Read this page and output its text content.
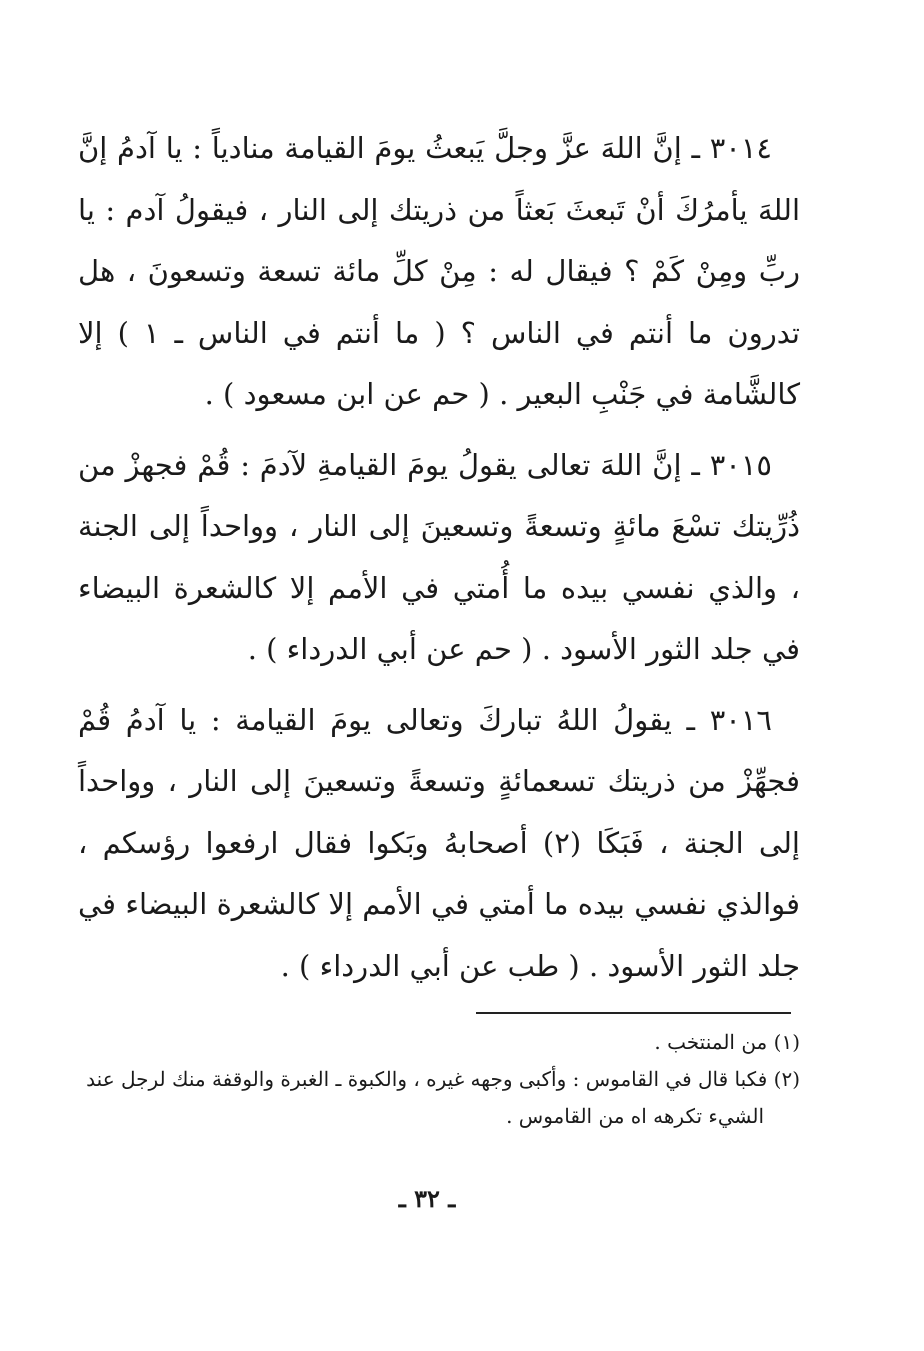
٣٠١٤ ـ إنَّ اللهَ عزَّ وجلَّ يَبعثُ يومَ القيامة منادياً : يا آدمُ إنَّ اللهَ يأمرُكَ أنْ تَبعثَ بَعثاً من ذريتك إلى النار ، فيقولُ آدم : يا ربِّ ومِنْ كَمْ ؟ فيقال له : مِنْ كلِّ مائة تسعة وتسعونَ ، هل تدرون ما أنتم في الناس ؟ ( ما أنتم في الناس ـ ١ ) إلا كالشَّامة في جَنْبِ البعير . ( حم عن ابن مسعود ) .

٣٠١٥ ـ إنَّ اللهَ تعالى يقولُ يومَ القيامةِ لآدمَ : قُمْ فجهزْ من ذُرِّيتك تسْعَ مائةٍ وتسعةً وتسعينَ إلى النار ، وواحداً إلى الجنة ، والذي نفسي بيده ما أُمتي في الأمم إلا كالشعرة البيضاء في جلد الثور الأسود . ( حم عن أبي الدرداء ) .

٣٠١٦ ـ يقولُ اللهُ تباركَ وتعالى يومَ القيامة : يا آدمُ قُمْ فجهِّزْ من ذريتك تسعمائةٍ وتسعةً وتسعينَ إلى النار ، وواحداً إلى الجنة ، فَبَكَا (٢) أصحابهُ وبَكوا فقال ارفعوا رؤسكم ، فوالذي نفسي بيده ما أمتي في الأمم إلا كالشعرة البيضاء في جلد الثور الأسود . ( طب عن أبي الدرداء ) .

(١) من المنتخب .

(٢) فكبا قال في القاموس : وأكبى وجهه غيره ، والكبوة ـ الغبرة والوقفة منك لرجل عند الشيء تكرهه اه من القاموس .

ـ ٣٢ ـ
